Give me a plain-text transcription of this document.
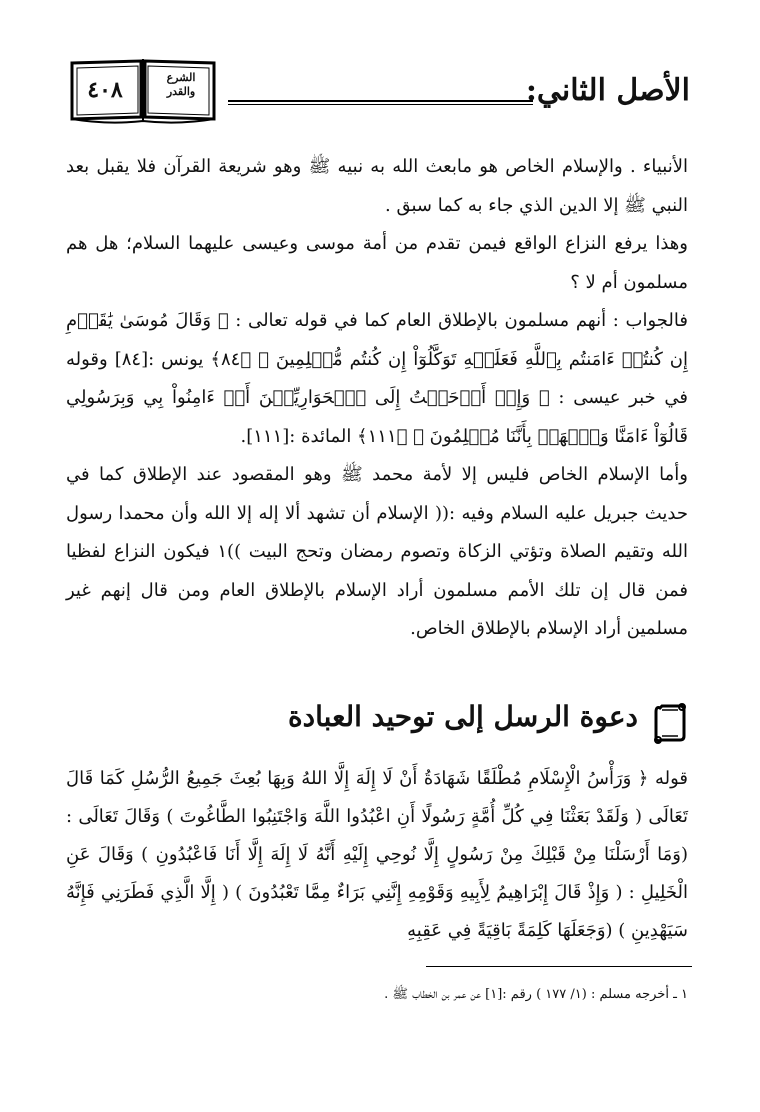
٤٠٨	الشرع
والقدر	الأصل الثاني:

الأنبياء . والإسلام الخاص هو مابعث الله به نبيه ﷺ وهو شريعة القرآن فلا يقبل بعد النبي ﷺ إلا الدين الذي جاء به كما سبق .

وهذا يرفع النزاع الواقع فيمن تقدم من أمة موسى وعيسى عليهما السلام؛ هل هم مسلمون أم لا ؟

فالجواب : أنهم مسلمون بالإطلاق العام كما في قوله تعالى : ﴿ وَقَالَ مُوسَىٰ يَٰقَوۡمِ إِن كُنتُمۡ ءَامَنتُم بِٱللَّهِ فَعَلَيۡهِ تَوَكَّلُوٓاْ إِن كُنتُم مُّسۡلِمِينَ ﴾ ﴿٨٤﴾ يونس :[٨٤] وقوله في خبر عيسى : ﴿ وَإِذۡ أَوۡحَيۡتُ إِلَى ٱلۡحَوَارِيِّـۧنَ أَنۡ ءَامِنُواْ بِي وَبِرَسُولِي قَالُوٓاْ ءَامَنَّا وَٱشۡهَدۡ بِأَنَّنَا مُسۡلِمُونَ ﴾ ﴿١١١﴾ المائدة :[١١١].

وأما الإسلام الخاص فليس إلا لأمة محمد ﷺ وهو المقصود عند الإطلاق كما في حديث جبريل عليه السلام وفيه :(( الإسلام أن تشهد ألا إله إلا الله وأن محمدا رسول الله وتقيم الصلاة وتؤتي الزكاة وتصوم رمضان وتحج البيت ))١ فيكون النزاع لفظيا فمن قال إن تلك الأمم مسلمون أراد الإسلام بالإطلاق العام ومن قال إنهم غير مسلمين أراد الإسلام بالإطلاق الخاص.

دعوة الرسل إلى توحيد العبادة

قوله ﴿ وَرَأْسُ الْإِسْلَامِ مُطْلَقًا شَهَادَةُ أَنْ لَا إِلَهَ إِلَّا اللهُ وَبِهَا بُعِثَ جَمِيعُ الرُّسُلِ كَمَا قَالَ تَعَالَى ( وَلَقَدْ بَعَثْنَا فِي كُلِّ أُمَّةٍ رَسُولًا أَنِ اعْبُدُوا اللَّهَ وَاجْتَنِبُوا الطَّاغُوتَ ) وَقَالَ تَعَالَى : (وَمَا أَرْسَلْنَا مِنْ قَبْلِكَ مِنْ رَسُولٍ إِلَّا نُوحِي إِلَيْهِ أَنَّهُ لَا إِلَهَ إِلَّا أَنَا فَاعْبُدُونِ ) وَقَالَ عَنِ الْخَلِيلِ : ( وَإِذْ قَالَ إِبْرَاهِيمُ لِأَبِيهِ وَقَوْمِهِ إِنَّنِي بَرَاءٌ مِمَّا تَعْبُدُونَ ) ( إِلَّا الَّذِي فَطَرَنِي فَإِنَّهُ سَيَهْدِينِ ) (وَجَعَلَهَا كَلِمَةً بَاقِيَةً فِي عَقِبِهِ

١ ـ أخرجه مسلم : (١/ ١٧٧ ) رقم :[١] عن عمر بن الخطاب ﷺ .
